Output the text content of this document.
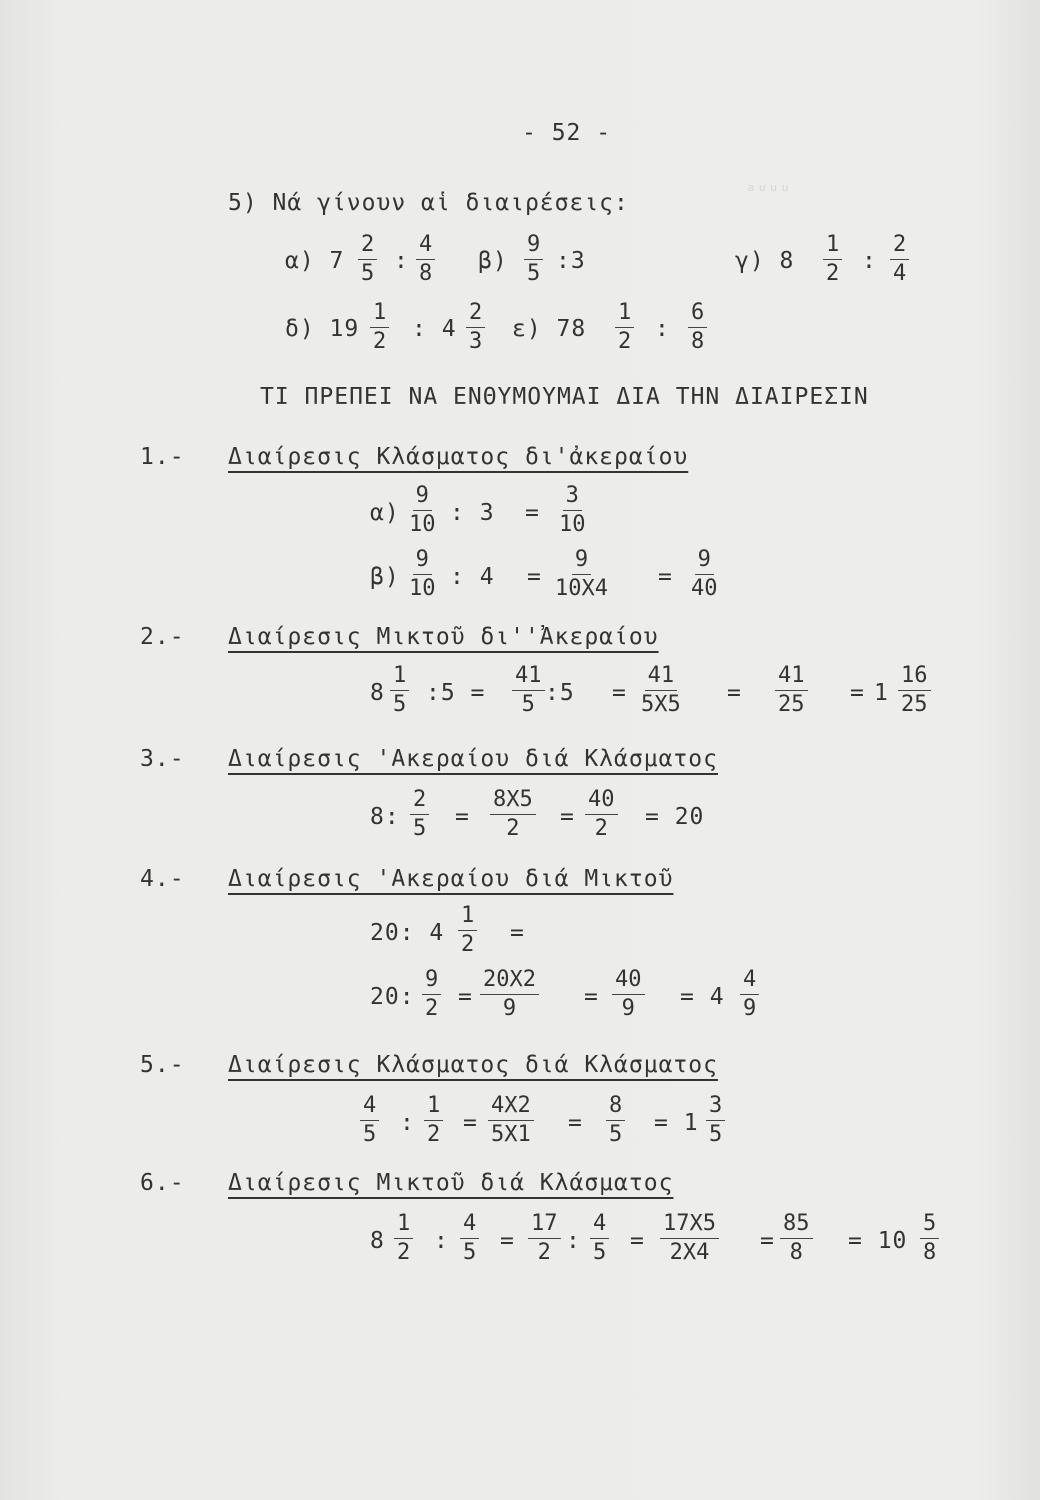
ᵃᵘᵘᵘ
- 52 -
5) Νά γίνουν αἱ διαιρέσεις:
α) $7 \frac{2}{5}$ : $\frac{4}{8} \beta) \frac{9}{5}$ :3	γ) $8 \frac{1}{2}$ : $\frac{2}{4}$
δ) $19 \frac{1}{2}$ : $4 \frac{2}{3} \varepsilon$) $78 \frac{1}{2}$ : $\frac{6}{8}$
ΤΙ ΠΡΕΠΕΙ ΝΑ ΕΝΘΥΜΟΥΜΑΙ ΔΙΑ ΤΗΝ ΔΙΑΙΡΕΣΙΝ
1.- Διαίρεσις Κλάσματος δι'ἀκεραίου
$\alpha) \frac{9}{10}$ : $3 = \frac{3}{10}$
$\beta) \frac{9}{10}$ : $4 = \frac{9}{10X4} = \frac{9}{40}$
2.- Διαίρεσις Μικτοῦ δι''Ἀκεραίου
$8 \frac{1}{5}$ :5 = $\frac{41}{5}$ :5 = $\frac{41}{5X5} = \frac{41}{25} = 1 \frac{16}{25}$
3.- Διαίρεσις 'Ακεραίου διά Κλάσματος
8: $\frac{2}{5} = \frac{8X5}{2} = \frac{40}{2} = 20$
4.- Διαίρεσις 'Ακεραίου διά Μικτοῦ
20: $4 \frac{1}{2}$ =
20: $\frac{9}{2} = \frac{20X2}{9} = \frac{40}{9} = 4 \frac{4}{9}$
5.- Διαίρεσις Κλάσματος διά Κλάσματος
$\frac{4}{5}$ : $\frac{1}{2} = \frac{4X2}{5X1} = \frac{8}{5} = 1 \frac{3}{5}$
6.- Διαίρεσις Μικτοῦ διά Κλάσματος
$8 \frac{1}{2}$ : $\frac{4}{5} = \frac{17}{2}$ : $\frac{4}{5} = \frac{17X5}{2X4} = \frac{85}{8} = 10 \frac{5}{8}$
